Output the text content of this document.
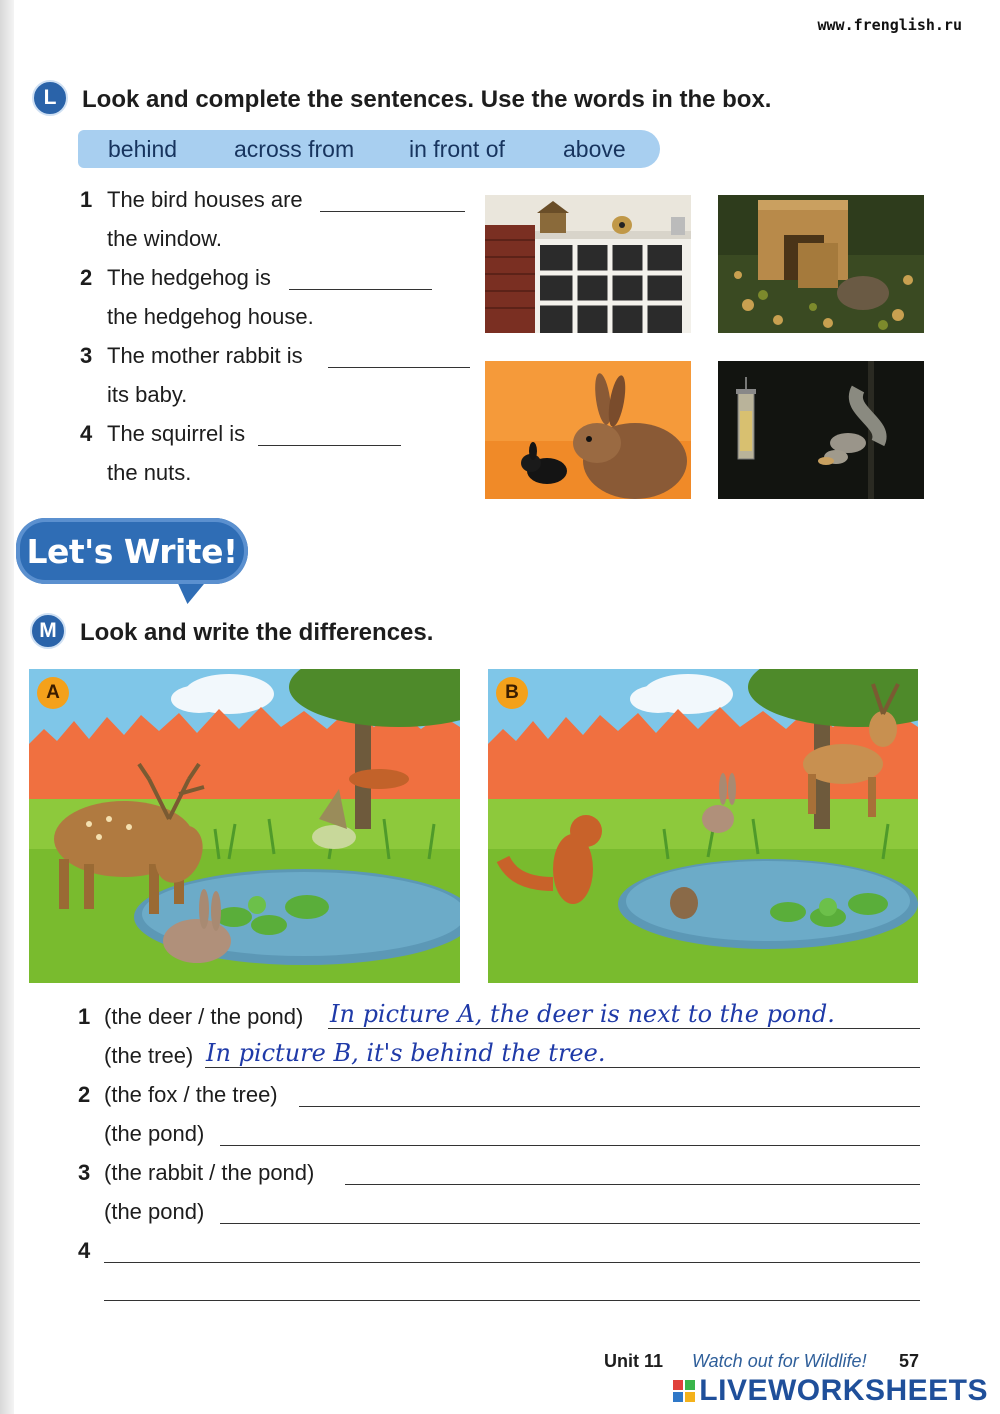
www.frenglish.ru
L	Look and complete the sentences. Use the words in the box.
behind	across from	in front of	above
1 The bird houses are
the window.
2 The hedgehog is
the hedgehog house.
3 The mother rabbit is
its baby.
4 The squirrel is
the nuts.
Let's Write!
M Look and write the differences.
A	B
1 (the deer / the pond) In picture A, the deer is next to the pond.
(the tree) In picture B, it's behind the tree.
2 (the fox / the tree)
(the pond)
3 (the rabbit / the pond)
(the pond)
4
Unit 11 Watch out for Wildlife! 57
LIVEWORKSHEETS
